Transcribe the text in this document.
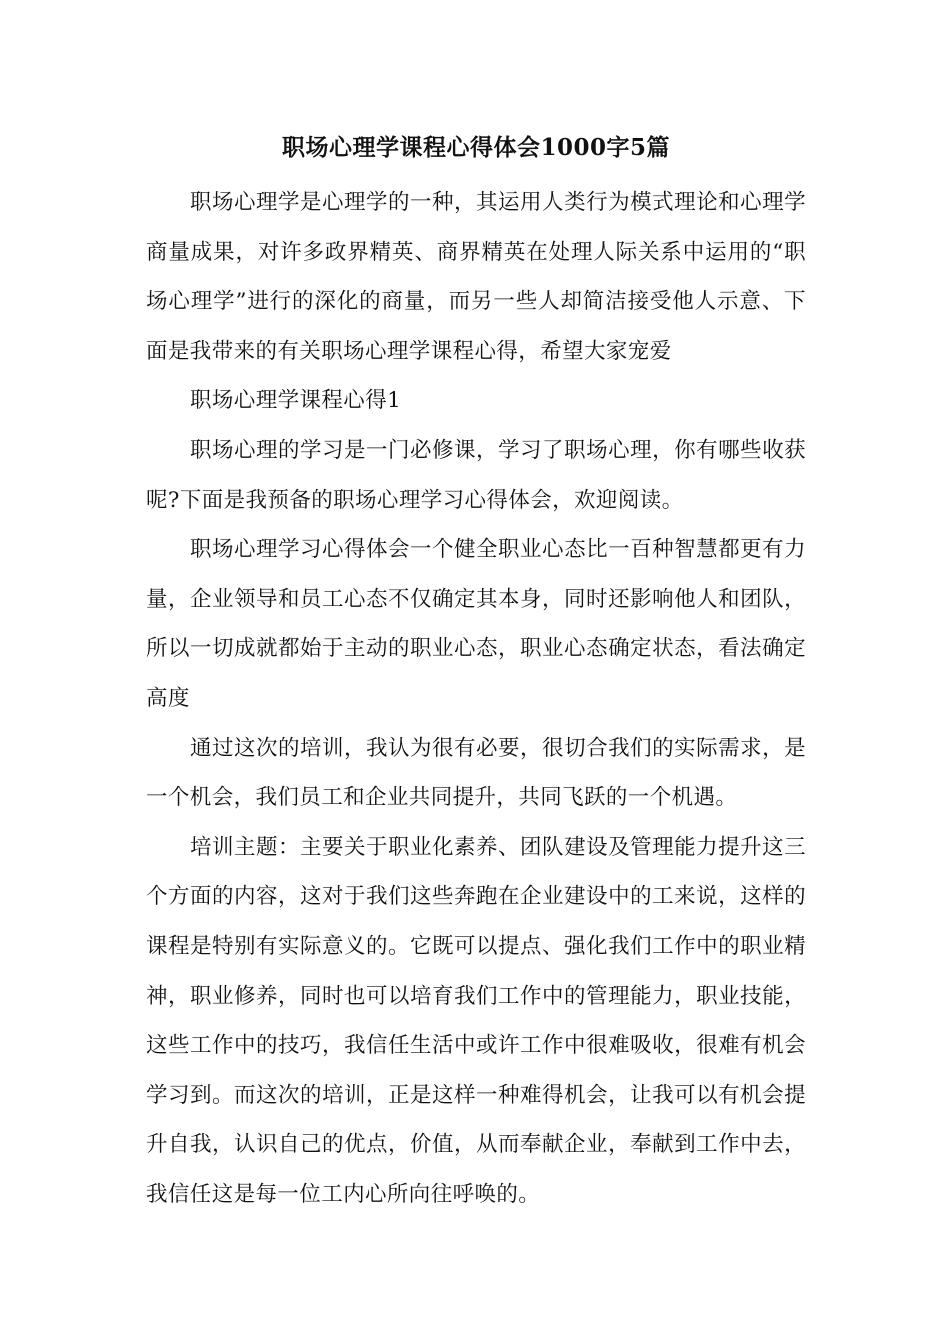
职场心理学课程心得体会1000字5篇

职场心理学是心理学的一种，其运用人类行为模式理论和心理学商量成果，对许多政界精英、商界精英在处理人际关系中运用的“职场心理学”进行的深化的商量，而另一些人却简洁接受他人示意、下面是我带来的有关职场心理学课程心得，希望大家宠爱

职场心理学课程心得1

职场心理的学习是一门必修课，学习了职场心理，你有哪些收获呢?下面是我预备的职场心理学习心得体会，欢迎阅读。

职场心理学习心得体会一个健全职业心态比一百种智慧都更有力量，企业领导和员工心态不仅确定其本身，同时还影响他人和团队，所以一切成就都始于主动的职业心态，职业心态确定状态，看法确定高度

通过这次的培训，我认为很有必要，很切合我们的实际需求，是一个机会，我们员工和企业共同提升，共同飞跃的一个机遇。

培训主题：主要关于职业化素养、团队建设及管理能力提升这三个方面的内容，这对于我们这些奔跑在企业建设中的工来说，这样的课程是特别有实际意义的。它既可以提点、强化我们工作中的职业精神，职业修养，同时也可以培育我们工作中的管理能力，职业技能，这些工作中的技巧，我信任生活中或许工作中很难吸收，很难有机会学习到。而这次的培训，正是这样一种难得机会，让我可以有机会提升自我，认识自己的优点，价值，从而奉献企业，奉献到工作中去，我信任这是每一位工内心所向往呼唤的。
